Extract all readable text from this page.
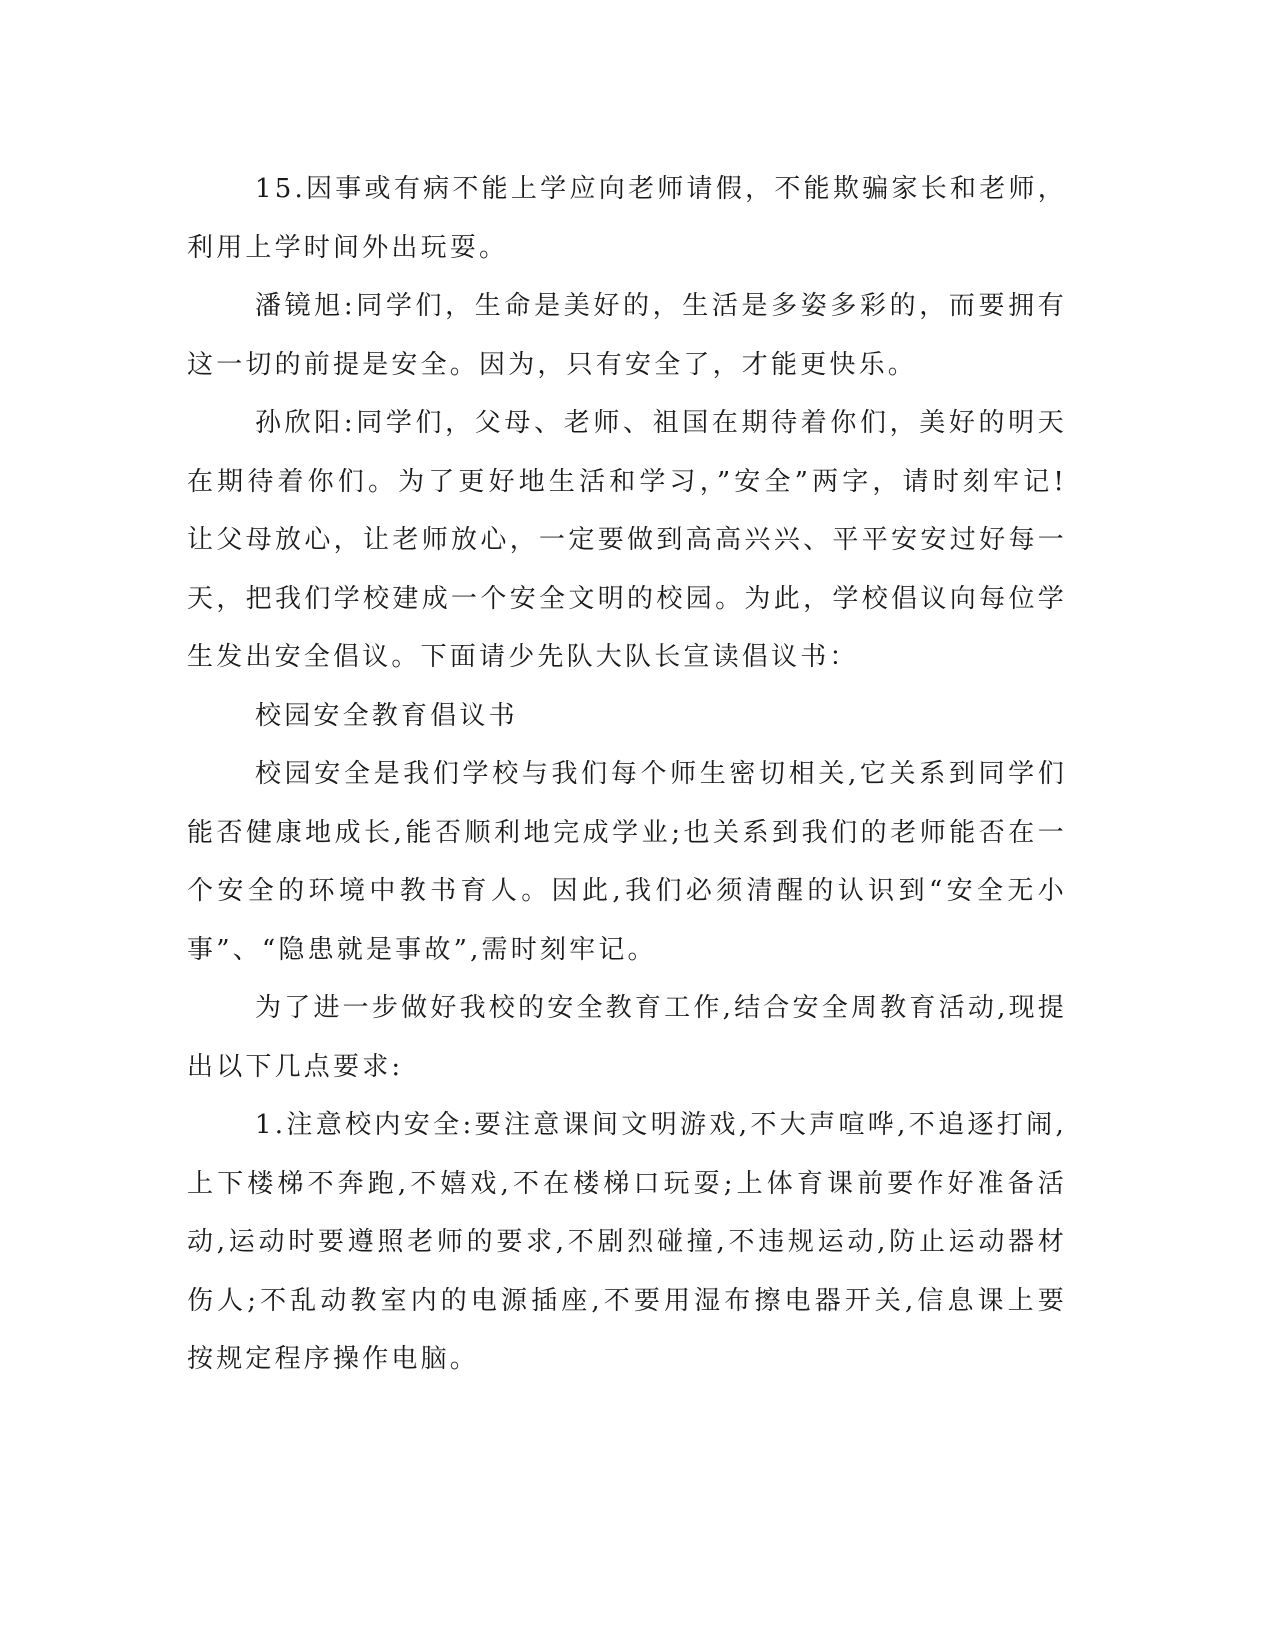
15.因事或有病不能上学应向老师请假，不能欺骗家长和老师，利用上学时间外出玩耍。

潘镜旭:同学们，生命是美好的，生活是多姿多彩的，而要拥有这一切的前提是安全。因为，只有安全了，才能更快乐。

孙欣阳:同学们，父母、老师、祖国在期待着你们，美好的明天在期待着你们。为了更好地生活和学习，”安全”两字，请时刻牢记!让父母放心，让老师放心，一定要做到高高兴兴、平平安安过好每一天，把我们学校建成一个安全文明的校园。为此，学校倡议向每位学生发出安全倡议。下面请少先队大队长宣读倡议书：

校园安全教育倡议书

校园安全是我们学校与我们每个师生密切相关,它关系到同学们能否健康地成长,能否顺利地完成学业;也关系到我们的老师能否在一个安全的环境中教书育人。因此,我们必须清醒的认识到“安全无小事”、“隐患就是事故”,需时刻牢记。

为了进一步做好我校的安全教育工作,结合安全周教育活动,现提出以下几点要求:

1.注意校内安全:要注意课间文明游戏,不大声喧哗,不追逐打闹,上下楼梯不奔跑,不嬉戏,不在楼梯口玩耍;上体育课前要作好准备活动,运动时要遵照老师的要求,不剧烈碰撞,不违规运动,防止运动器材伤人;不乱动教室内的电源插座,不要用湿布擦电器开关,信息课上要按规定程序操作电脑。
